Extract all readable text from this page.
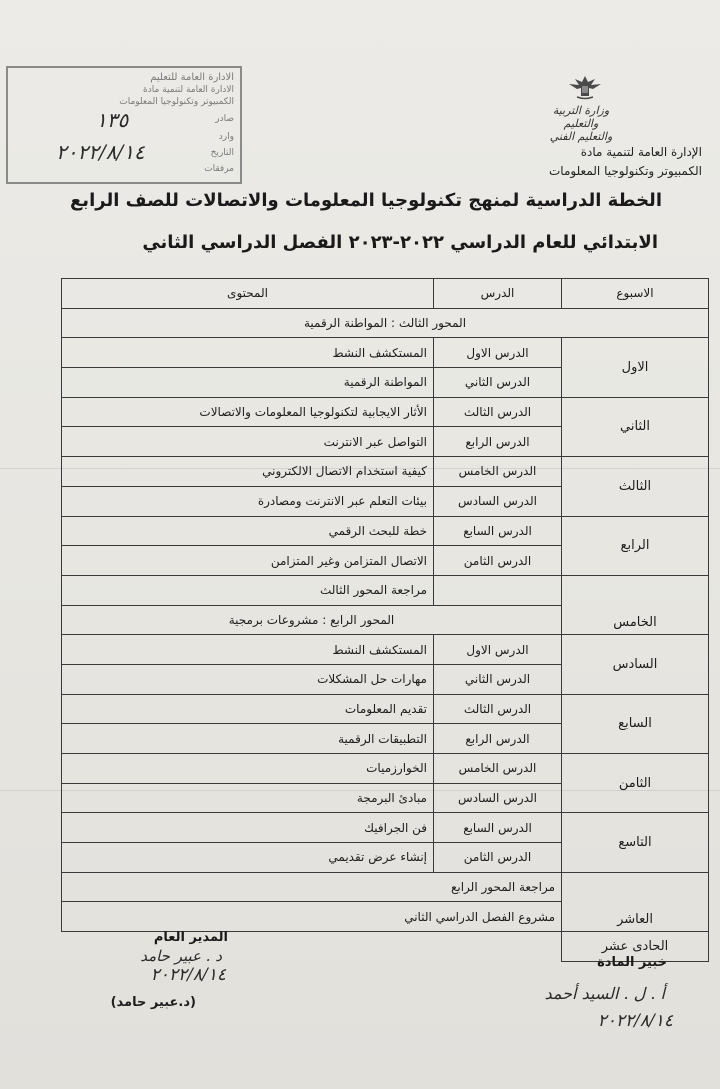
الادارة العامة للتعليم
الادارة العامة لتنمية مادة
الكمبيوتر وتكنولوجيا المعلومات
صادر
وارد
التاريخ
مرفقات
١٣٥
٢٠٢٢/٨/١٤
وزارة التربية والتعليم
والتعليم الفني
الإدارة العامة لتنمية مادة
الكمبيوتر وتكنولوجيا المعلومات
الخطة الدراسية لمنهج تكنولوجيا المعلومات والاتصالات للصف الرابع
الابتدائي للعام الدراسي ٢٠٢٢-٢٠٢٣ الفصل الدراسي الثاني
الاسبوع	الدرس	المحتوى
المحور الثالث : المواطنة الرقمية		
الاول	الدرس الاول	المستكشف النشط
	الدرس الثاني	المواطنة الرقمية
الثاني	الدرس الثالث	الأثار الايجابية لتكنولوجيا المعلومات والاتصالات
	الدرس الرابع	التواصل عبر الانترنت
الثالث	الدرس الخامس	كيفية استخدام الاتصال الالكتروني
	الدرس السادس	بيئات التعلم عبر الانترنت ومصادرة
الرابع	الدرس السابع	خطة للبحث الرقمي
	الدرس الثامن	الاتصال المتزامن وغير المتزامن
الخامس		مراجعة المحور الثالث
	المحور الرابع : مشروعات برمجية	
السادس	الدرس الاول	المستكشف النشط
	الدرس الثاني	مهارات حل المشكلات
السابع	الدرس الثالث	تقديم المعلومات
	الدرس الرابع	التطبيقات الرقمية
الثامن	الدرس الخامس	الخوارزميات
	الدرس السادس	مبادئ البرمجة
التاسع	الدرس السابع	فن الجرافيك
	الدرس الثامن	إنشاء عرض تقديمي
العاشر	مراجعة المحور الرابع	
	مشروع الفصل الدراسي الثاني	
الحادى عشر		
المدير العام
د . عبير حامد
٢٠٢٢/٨/١٤
(د.عبير حامد)
خبير المادة
أ . ل . السيد أحمد
٢٠٢٢/٨/١٤
